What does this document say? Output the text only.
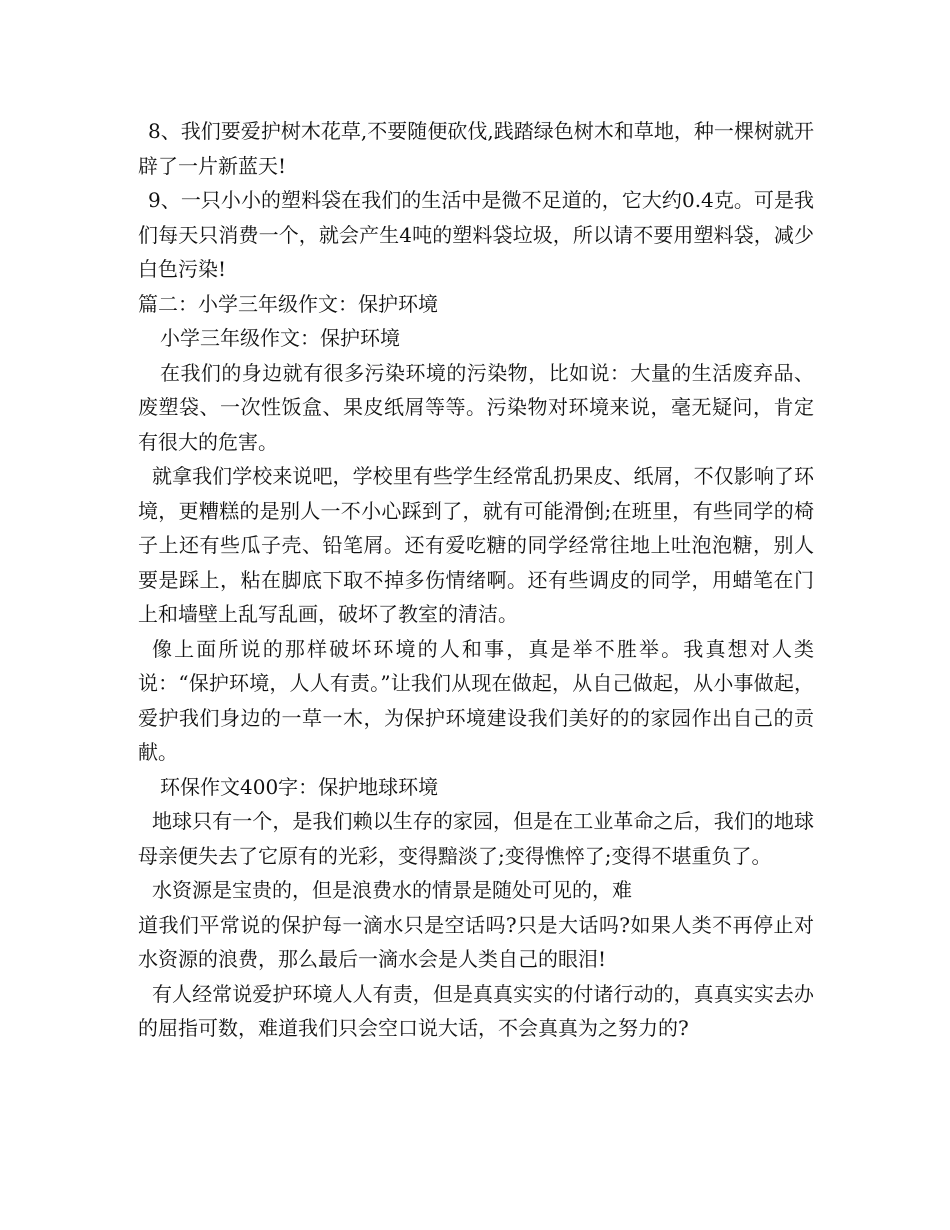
8、我们要爱护树木花草,不要随便砍伐,践踏绿色树木和草地，种一棵树就开辟了一片新蓝天!

9、一只小小的塑料袋在我们的生活中是微不足道的，它大约0.4克。可是我们每天只消费一个，就会产生4吨的塑料袋垃圾，所以请不要用塑料袋，减少白色污染!

篇二：小学三年级作文：保护环境

小学三年级作文：保护环境

在我们的身边就有很多污染环境的污染物，比如说：大量的生活废弃品、废塑袋、一次性饭盒、果皮纸屑等等。污染物对环境来说，毫无疑问，肯定有很大的危害。

就拿我们学校来说吧，学校里有些学生经常乱扔果皮、纸屑，不仅影响了环境，更糟糕的是别人一不小心踩到了，就有可能滑倒;在班里，有些同学的椅子上还有些瓜子壳、铅笔屑。还有爱吃糖的同学经常往地上吐泡泡糖，别人要是踩上，粘在脚底下取不掉多伤情绪啊。还有些调皮的同学，用蜡笔在门上和墙壁上乱写乱画，破坏了教室的清洁。

像上面所说的那样破坏环境的人和事，真是举不胜举。我真想对人类说：“保护环境，人人有责。”让我们从现在做起，从自己做起，从小事做起，爱护我们身边的一草一木，为保护环境建设我们美好的的家园作出自己的贡献。

环保作文400字：保护地球环境

地球只有一个，是我们赖以生存的家园，但是在工业革命之后，我们的地球母亲便失去了它原有的光彩，变得黯淡了;变得憔悴了;变得不堪重负了。

水资源是宝贵的，但是浪费水的情景是随处可见的，难

道我们平常说的保护每一滴水只是空话吗?只是大话吗?如果人类不再停止对水资源的浪费，那么最后一滴水会是人类自己的眼泪!

有人经常说爱护环境人人有责，但是真真实实的付诸行动的，真真实实去办的屈指可数，难道我们只会空口说大话，不会真真为之努力的?
